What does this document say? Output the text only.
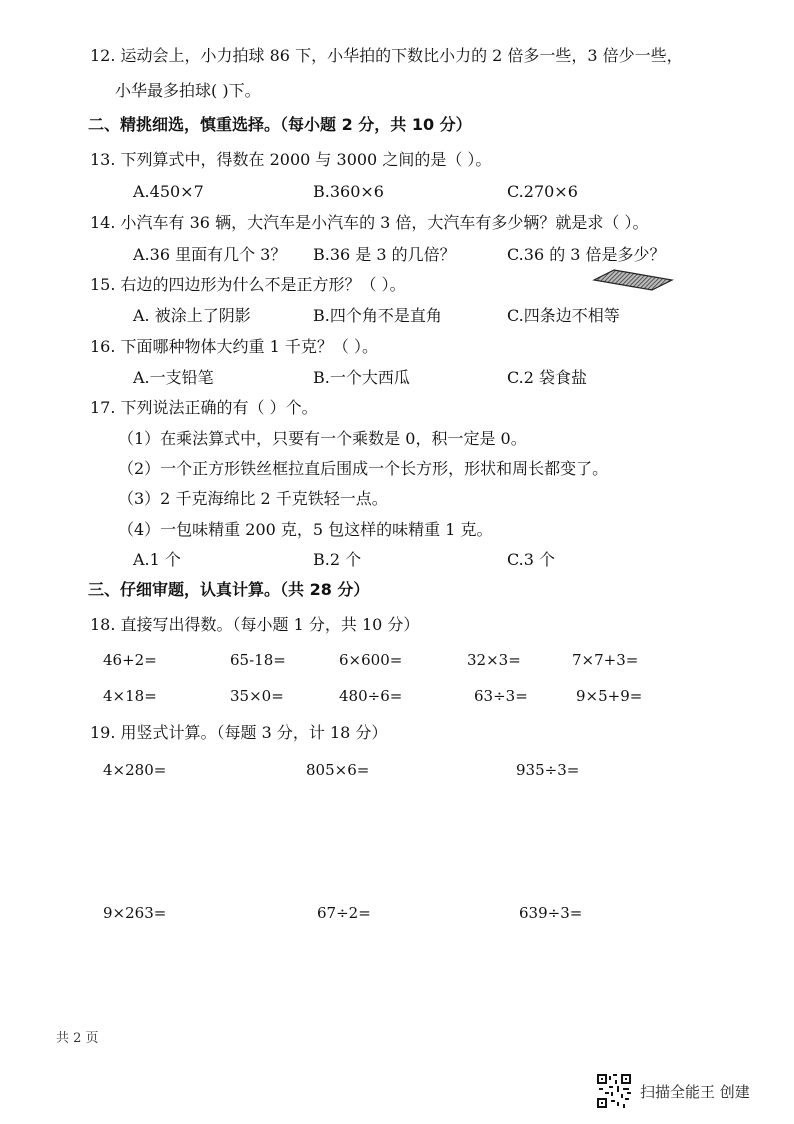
12. 运动会上，小力拍球 86 下，小华拍的下数比小力的 2 倍多一些，3 倍少一些，
小华最多拍球( )下。
二、精挑细选，慎重选择。（每小题 2 分，共 10 分）
13. 下列算式中，得数在 2000 与 3000 之间的是（ ）。
A.450×7	B.360×6	C.270×6
14. 小汽车有 36 辆，大汽车是小汽车的 3 倍，大汽车有多少辆？就是求（ ）。
A.36 里面有几个 3？ B.36 是 3 的几倍？	C.36 的 3 倍是多少？
15. 右边的四边形为什么不是正方形？（ ）。
A. 被涂上了阴影	B.四个角不是直角	C.四条边不相等
16. 下面哪种物体大约重 1 千克？（ ）。
A.一支铅笔	B.一个大西瓜	C.2 袋食盐
17. 下列说法正确的有（ ）个。
（1）在乘法算式中，只要有一个乘数是 0，积一定是 0。
（2）一个正方形铁丝框拉直后围成一个长方形，形状和周长都变了。
（3）2 千克海绵比 2 千克铁轻一点。
（4）一包味精重 200 克，5 包这样的味精重 1 克。
A.1 个	B.2 个	C.3 个
三、仔细审题，认真计算。（共 28 分）
18. 直接写出得数。（每小题 1 分，共 10 分）
46+2=	65-18=	6×600=	32×3=	7×7+3=
4×18=	35×0=	480÷6=	63÷3=	9×5+9=
19. 用竖式计算。（每题 3 分，计 18 分）
4×280=	805×6=	935÷3=
9×263=	67÷2=	639÷3=
共 2 页
扫描全能王 创建
